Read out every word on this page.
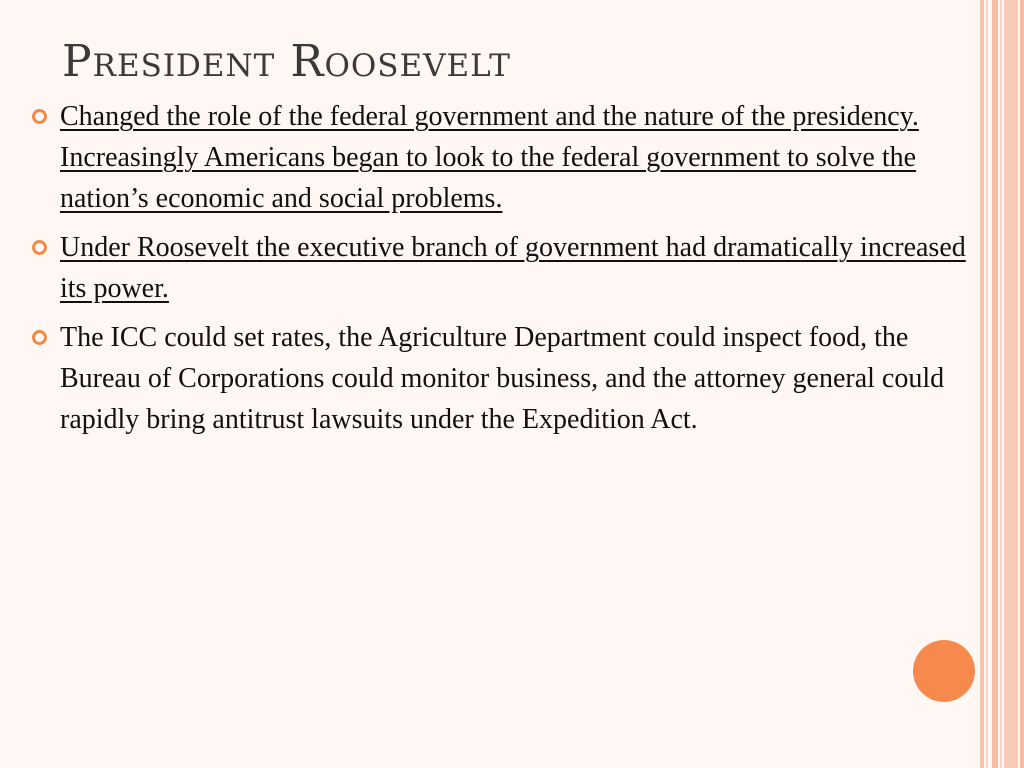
President Roosevelt
Changed the role of the federal government and the nature of the presidency. Increasingly Americans began to look to the federal government to solve the nation’s economic and social problems.
Under Roosevelt the executive branch of government had dramatically increased its power.
The ICC could set rates, the Agriculture Department could inspect food, the Bureau of Corporations could monitor business, and the attorney general could rapidly bring antitrust lawsuits under the Expedition Act.
